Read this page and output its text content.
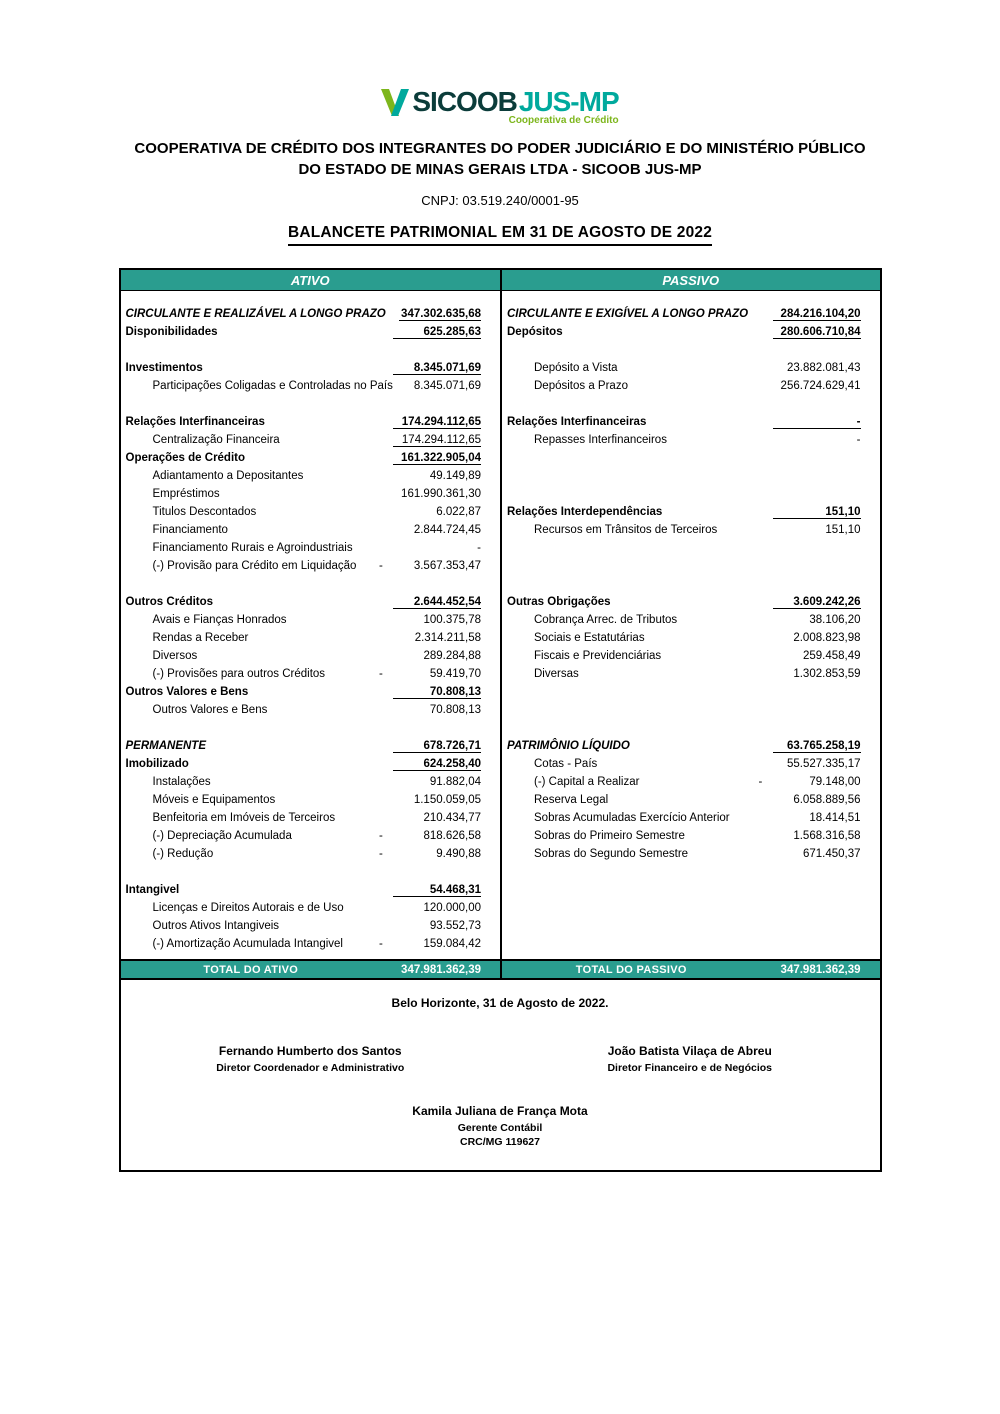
SICOOB JUS-MP
Cooperativa de Crédito
COOPERATIVA DE CRÉDITO DOS INTEGRANTES DO PODER JUDICIÁRIO E DO MINISTÉRIO PÚBLICO
DO ESTADO DE MINAS GERAIS LTDA - SICOOB JUS-MP
CNPJ: 03.519.240/0001-95
BALANCETE PATRIMONIAL EM 31 DE AGOSTO DE 2022
ATIVO
CIRCULANTE E REALIZÁVEL A LONGO PRAZO 347.302.635,68
Disponibilidades	625.285,63
Investimentos	8.345.071,69
Participações Coligadas e Controladas no País	8.345.071,69
Relações Interfinanceiras	174.294.112,65
Centralização Financeira	174.294.112,65
Operações de Crédito	161.322.905,04
Adiantamento a Depositantes	49.149,89
Empréstimos	161.990.361,30
Titulos Descontados	6.022,87
Financiamento	2.844.724,45
Financiamento Rurais e Agroindustriais	-
(-) Provisão para Crédito em Liquidação	-	3.567.353,47
Outros Créditos	2.644.452,54
Avais e Fianças Honrados	100.375,78
Rendas a Receber	2.314.211,58
Diversos	289.284,88
(-) Provisões para outros Créditos	-	59.419,70
Outros Valores e Bens	70.808,13
Outros Valores e Bens	70.808,13
PERMANENTE	678.726,71
Imobilizado	624.258,40
Instalações	91.882,04
Móveis e Equipamentos	1.150.059,05
Benfeitoria em Imóveis de Terceiros	210.434,77
(-) Depreciação Acumulada	-	818.626,58
(-) Redução	-	9.490,88
Intangivel	54.468,31
Licenças e Direitos Autorais e de Uso	120.000,00
Outros Ativos Intangiveis	93.552,73
(-) Amortização Acumulada Intangivel	-	159.084,42
TOTAL DO ATIVO	347.981.362,39
PASSIVO
CIRCULANTE E EXIGÍVEL A LONGO PRAZO	284.216.104,20
Depósitos	280.606.710,84
Depósito a Vista	23.882.081,43
Depósitos a Prazo	256.724.629,41
Relações Interfinanceiras	-
Repasses Interfinanceiros	-
Relações Interdependências	151,10
Recursos em Trânsitos de Terceiros	151,10
Outras Obrigações	3.609.242,26
Cobrança Arrec. de Tributos	38.106,20
Sociais e Estatutárias	2.008.823,98
Fiscais e Previdenciárias	259.458,49
Diversas	1.302.853,59
PATRIMÔNIO LÍQUIDO	63.765.258,19
Cotas - País	55.527.335,17
(-) Capital a Realizar	-	79.148,00
Reserva Legal	6.058.889,56
Sobras Acumuladas Exercício Anterior	18.414,51
Sobras do Primeiro Semestre	1.568.316,58
Sobras do Segundo Semestre	671.450,37
TOTAL DO PASSIVO	347.981.362,39
Belo Horizonte, 31 de Agosto de 2022.
Fernando Humberto dos Santos
Diretor Coordenador e Administrativo
João Batista Vilaça de Abreu
Diretor Financeiro e de Negócios
Kamila Juliana de França Mota
Gerente Contábil
CRC/MG 119627
